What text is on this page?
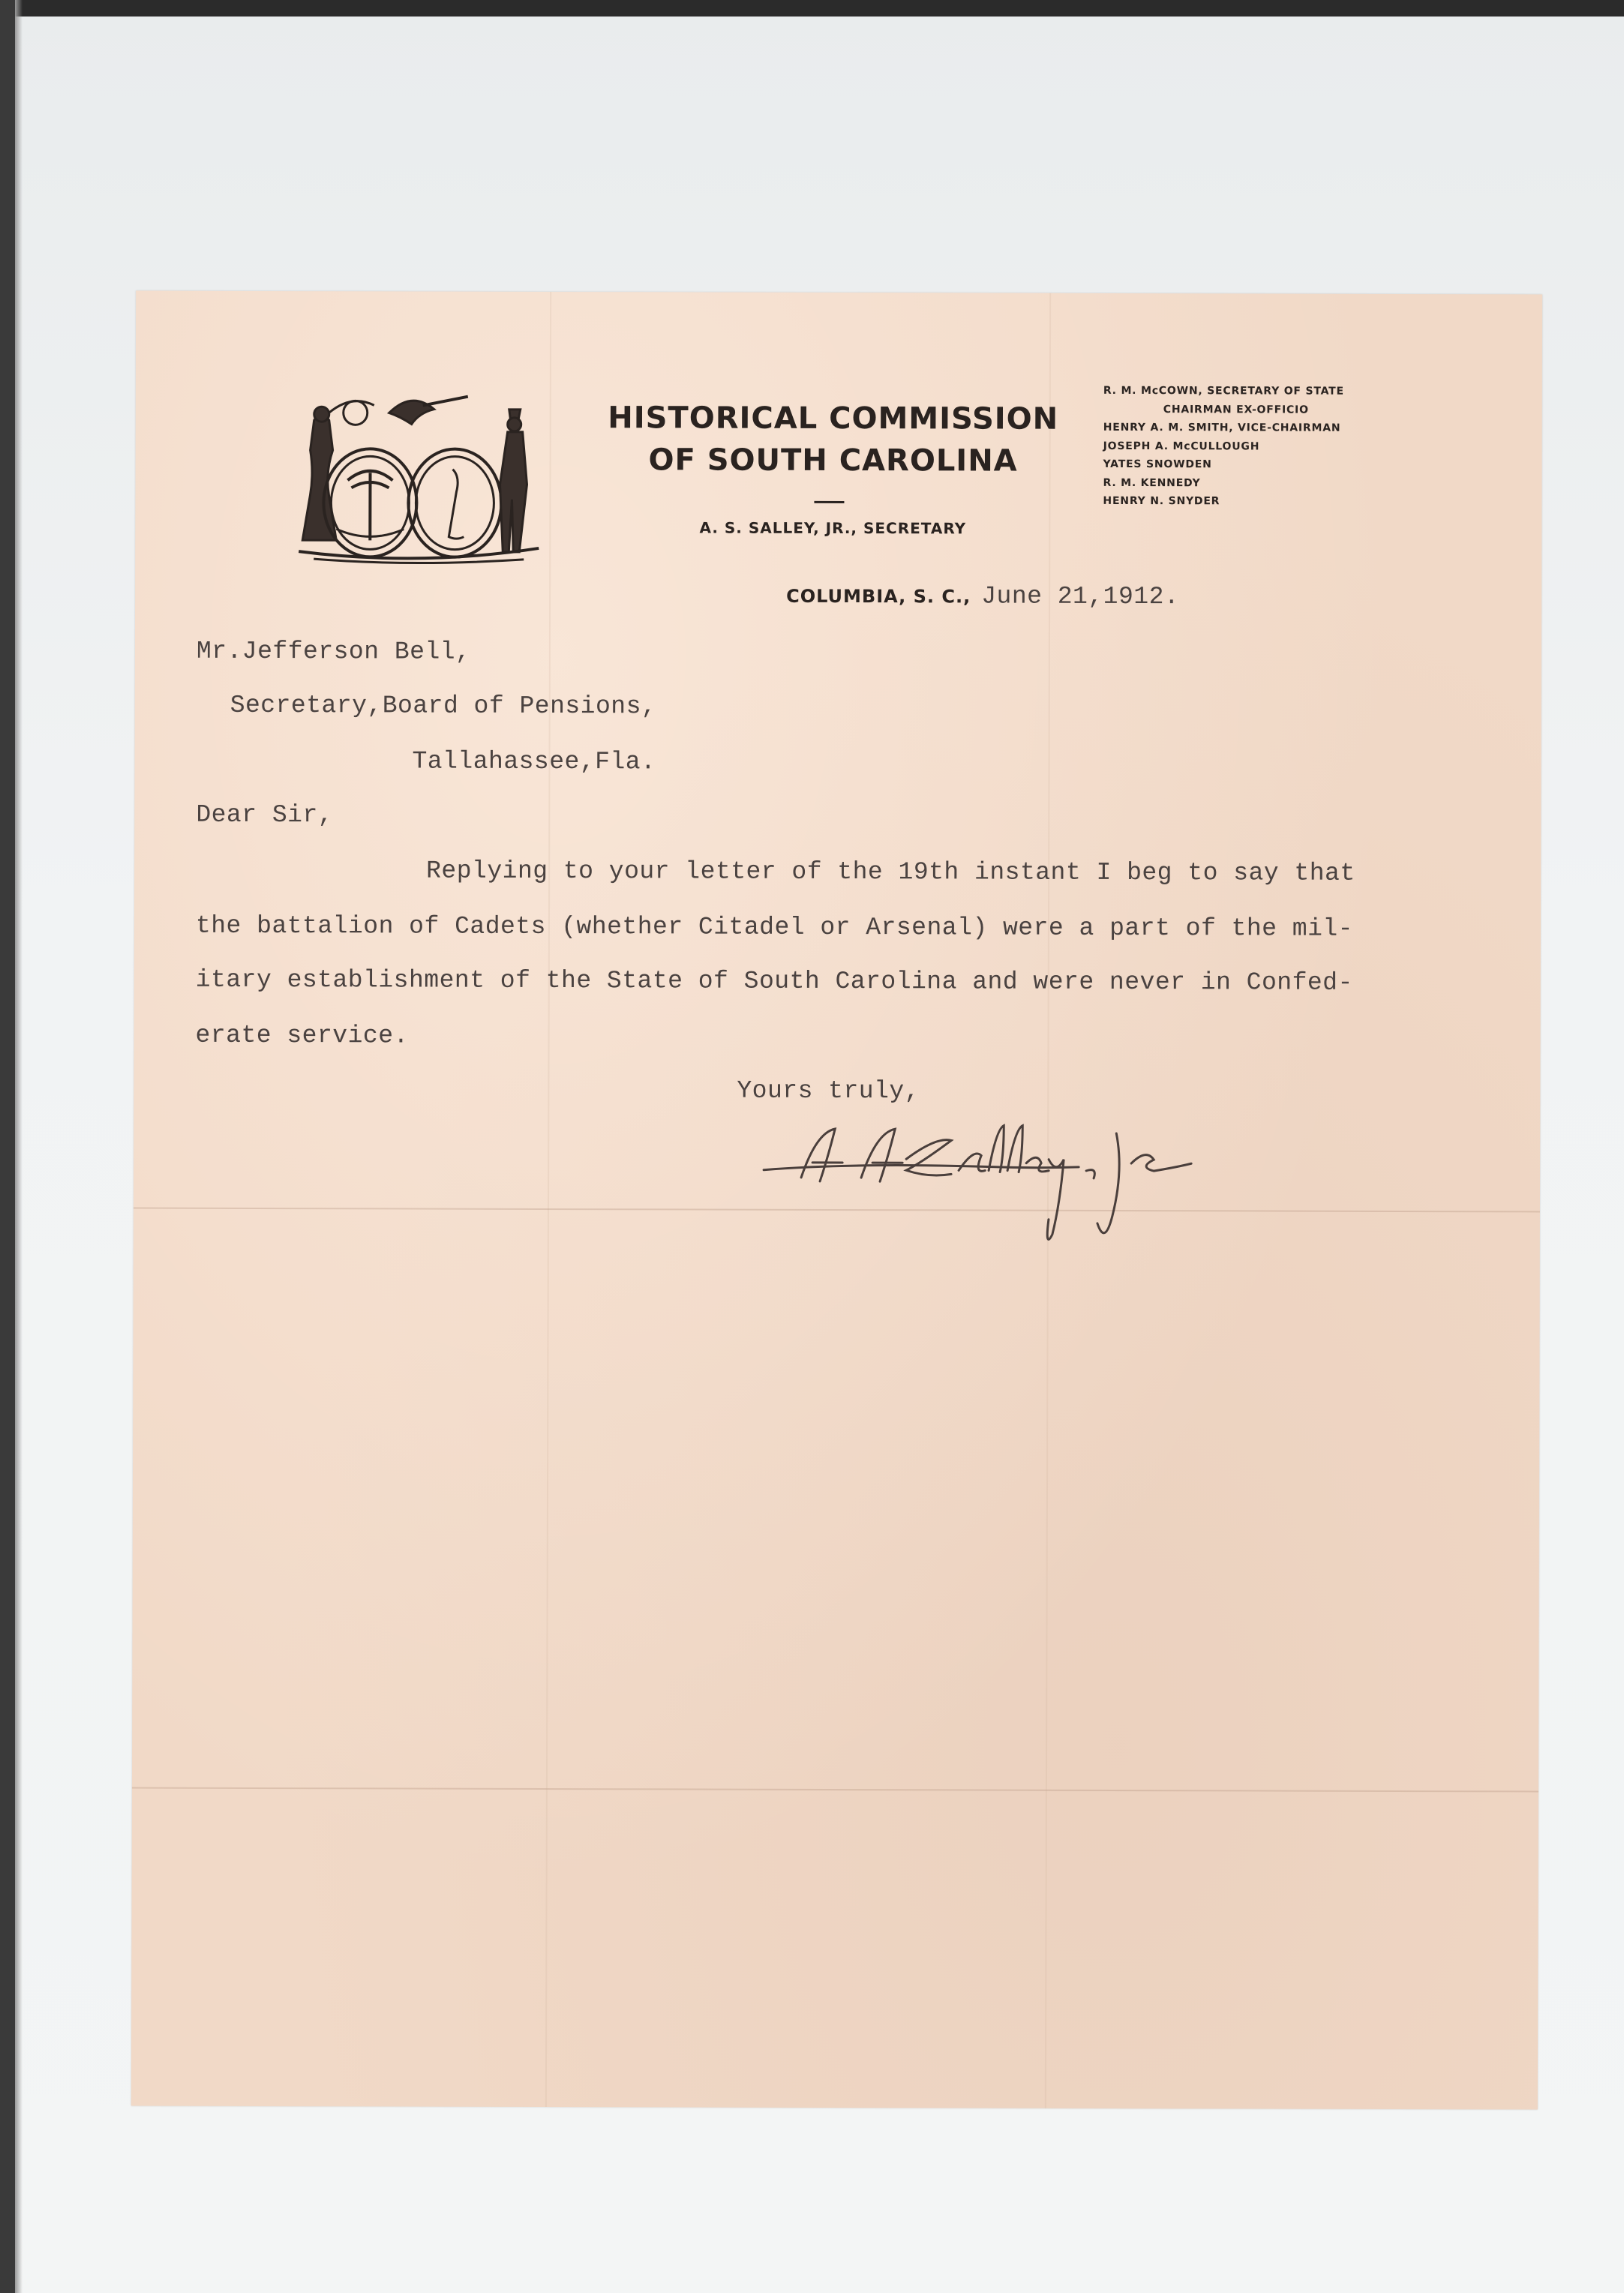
HISTORICAL COMMISSION
OF SOUTH CAROLINA
A. S. SALLEY, JR., SECRETARY
R. M. McCOWN, SECRETARY OF STATE
CHAIRMAN EX-OFFICIO
HENRY A. M. SMITH, VICE-CHAIRMAN
JOSEPH A. McCULLOUGH
YATES SNOWDEN
R. M. KENNEDY
HENRY N. SNYDER
COLUMBIA, S. C., June 21,1912.
Mr.Jefferson Bell,
Secretary,Board of Pensions,
Tallahassee,Fla.
Dear Sir,
Replying to your letter of the 19th instant I beg to say that
the battalion of Cadets (whether Citadel or Arsenal) were a part of the mil-
itary establishment of the State of South Carolina and were never in Confed-
erate service.
Yours truly,
